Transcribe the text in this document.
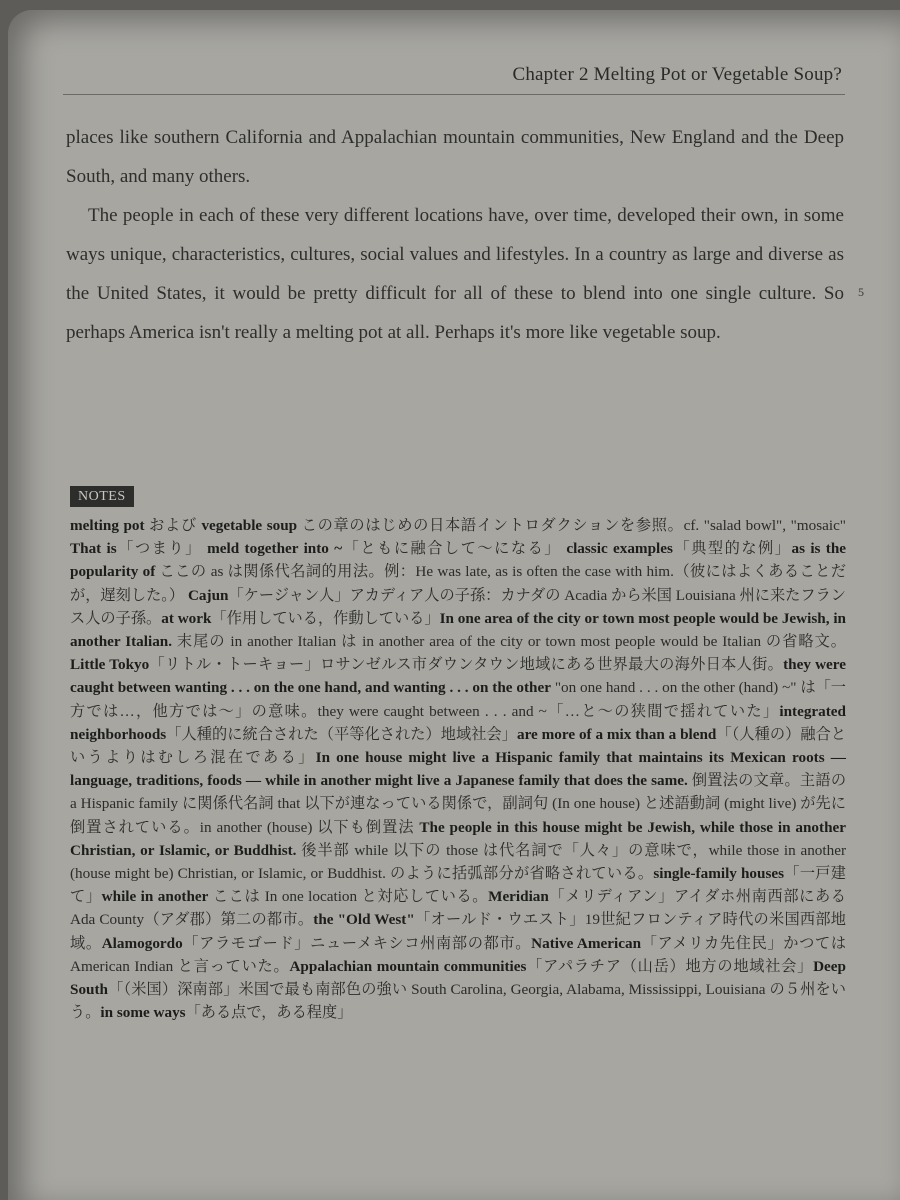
Chapter 2 Melting Pot or Vegetable Soup?

places like southern California and Appalachian mountain communities, New England and the Deep South, and many others.

The people in each of these very different locations have, over time, developed their own, in some ways unique, characteristics, cultures, social values and lifestyles. In a country as large and diverse as the United States, it would be pretty difficult for all of these to blend into one single culture. So perhaps America isn't really a melting pot at all. Perhaps it's more like vegetable soup.

5
NOTES

melting pot および vegetable soup この章のはじめの日本語イントロダクションを参照。cf. "salad bowl", "mosaic" That is「つまり」 meld together into ~「ともに融合して〜になる」 classic examples「典型的な例」as is the popularity of ここの as は関係代名詞的用法。例：He was late, as is often the case with him.（彼にはよくあることだが，遅刻した。） Cajun「ケージャン人」アカディア人の子孫：カナダの Acadia から米国 Louisiana 州に来たフランス人の子孫。at work「作用している，作動している」In one area of the city or town most people would be Jewish, in another Italian. 末尾の in another Italian は in another area of the city or town most people would be Italian の省略文。Little Tokyo「リトル・トーキョー」ロサンゼルス市ダウンタウン地域にある世界最大の海外日本人街。they were caught between wanting . . . on the one hand, and wanting . . . on the other "on one hand . . . on the other (hand) ~" は「一方では…，他方では〜」の意味。they were caught between . . . and ~「…と〜の狭間で揺れていた」integrated neighborhoods「人種的に統合された（平等化された）地域社会」are more of a mix than a blend「（人種の）融合というよりはむしろ混在である」In one house might live a Hispanic family that maintains its Mexican roots — language, traditions, foods — while in another might live a Japanese family that does the same. 倒置法の文章。主語の a Hispanic family に関係代名詞 that 以下が連なっている関係で，副詞句 (In one house) と述語動詞 (might live) が先に倒置されている。in another (house) 以下も倒置法 The people in this house might be Jewish, while those in another Christian, or Islamic, or Buddhist. 後半部 while 以下の those は代名詞で「人々」の意味で，while those in another (house might be) Christian, or Islamic, or Buddhist. のように括弧部分が省略されている。single-family houses「一戸建て」while in another ここは In one location と対応している。Meridian「メリディアン」アイダホ州南西部にある Ada County（アダ郡）第二の都市。the "Old West"「オールド・ウエスト」19世紀フロンティア時代の米国西部地域。Alamogordo「アラモゴード」ニューメキシコ州南部の都市。Native American「アメリカ先住民」かつては American Indian と言っていた。Appalachian mountain communities「アパラチア（山岳）地方の地域社会」Deep South「（米国）深南部」米国で最も南部色の強い South Carolina, Georgia, Alabama, Mississippi, Louisiana の５州をいう。in some ways「ある点で，ある程度」
